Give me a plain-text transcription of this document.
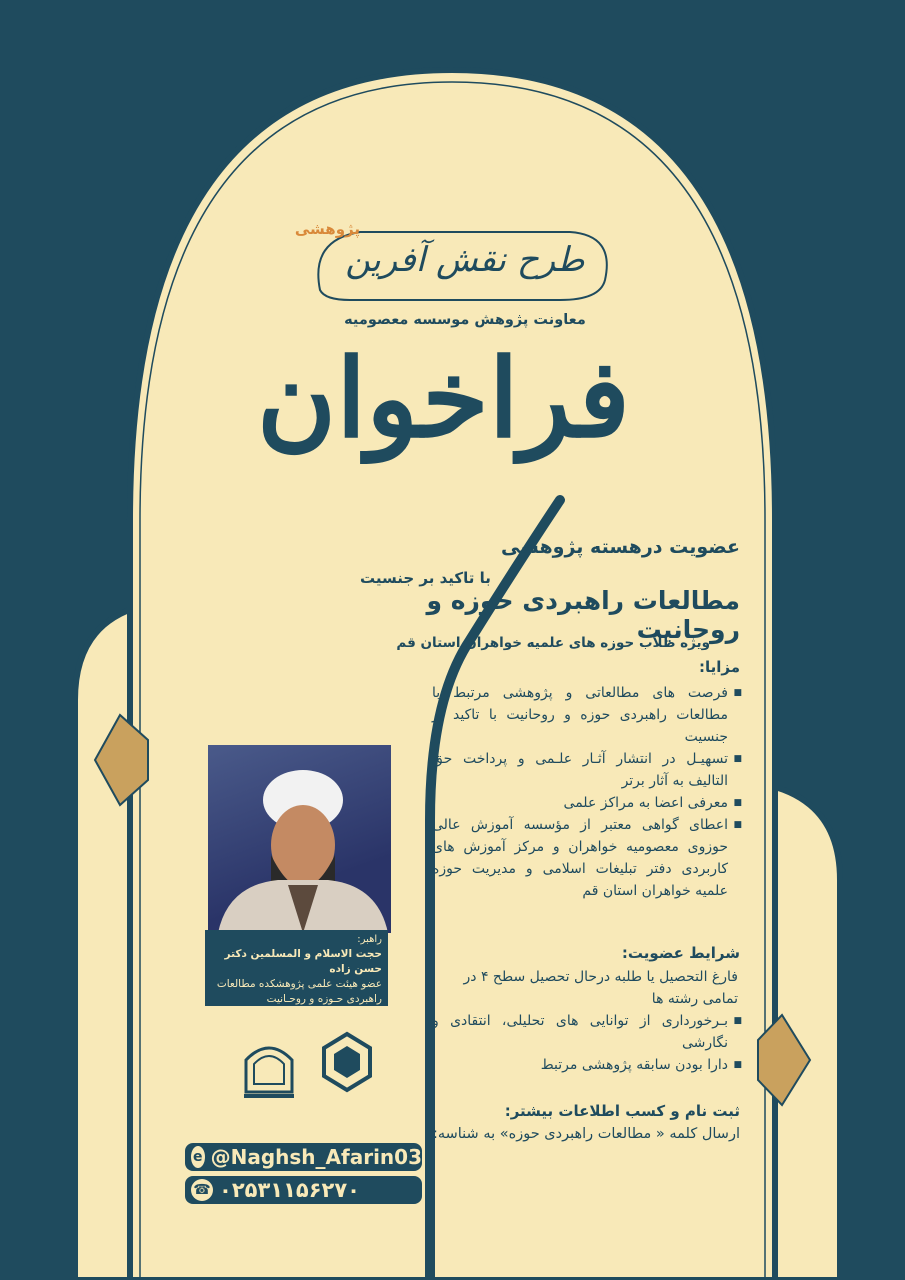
پژوهشی
طرح نقش آفرین
معاونت پژوهش موسسه معصومیه
فراخوان
عضویت درهسته پژوهشی
با تاکید بر جنسیت
مطالعات راهبردی حوزه و روحانیت
ویژه طلاب حوزه های علمیه خواهران استان قم
مزایا:
■ فرصت های مطالعاتی و پژوهشی مرتبط با مطالعات راهبردی حوزه و روحانیت با تاکید بر جنسیت
■ تسهیـل در انتشار آثـار علـمی و پرداخت حق التالیف به آثار برتر
■ معرفی اعضا به مراکز علمی
■ اعطای گواهی معتبر از مؤسسه آموزش عالی حوزوی معصومیه خواهران و مرکز آموزش های کاربردی دفتر تبلیغات اسلامی و مدیریت حوزه علمیه خواهران استان قم
شرایط عضویت:
فارغ التحصیل یا طلبه درحال تحصیل سطح ۴ در تمامی رشته ها
■ بـرخورداری از توانایی های تحلیلی، انتقادی و نگارشی
■ دارا بودن سابقه پژوهشی مرتبط
ثبت نام و کسب اطلاعات بیشتر:
ارسال کلمه « مطالعات راهبردی حوزه» به شناسه:
راهبر:
حجت الاسلام و المسلمین دکتر حسن زاده
عضو هیئت علمی پژوهشکده مطالعات راهبردی حـوزه و روحـانیت
مدیر موسسه ماوا
e @Naghsh_Afarin03
☎ ۰۲۵۳۱۱۵۶۲۷۰
